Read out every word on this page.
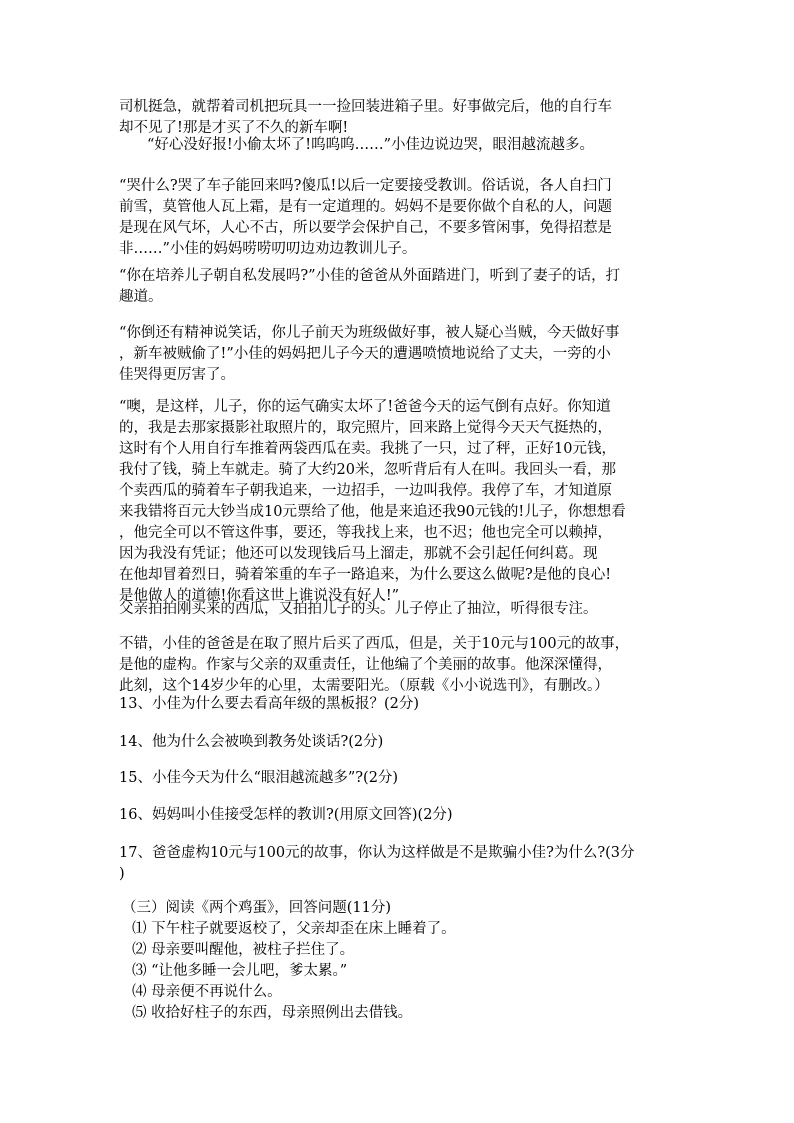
司机挺急，就帮着司机把玩具一一捡回装进箱子里。好事做完后，他的自行车
却不见了!那是才买了不久的新车啊!

“好心没好报!小偷太坏了!呜呜呜……”小佳边说边哭，眼泪越流越多。

“哭什么?哭了车子能回来吗?傻瓜!以后一定要接受教训。俗话说，各人自扫门
前雪，莫管他人瓦上霜，是有一定道理的。妈妈不是要你做个自私的人，问题
是现在风气坏，人心不古，所以要学会保护自己，不要多管闲事，免得招惹是
非……”小佳的妈妈唠唠叨叨边劝边教训儿子。

“你在培养儿子朝自私发展吗?”小佳的爸爸从外面踏进门，听到了妻子的话，打
趣道。

“你倒还有精神说笑话，你儿子前天为班级做好事，被人疑心当贼，今天做好事
，新车被贼偷了!”小佳的妈妈把儿子今天的遭遇喷愤地说给了丈夫，一旁的小
佳哭得更厉害了。

“噢，是这样，儿子，你的运气确实太坏了!爸爸今天的运气倒有点好。你知道
的，我是去那家摄影社取照片的，取完照片，回来路上觉得今天天气挺热的，
这时有个人用自行车推着两袋西瓜在卖。我挑了一只，过了秤，正好10元钱，
我付了钱，骑上车就走。骑了大约20米，忽听背后有人在叫。我回头一看，那
个卖西瓜的骑着车子朝我追来，一边招手，一边叫我停。我停了车，才知道原
来我错将百元大钞当成10元票给了他，他是来追还我90元钱的!儿子，你想想看
，他完全可以不管这件事，要还，等我找上来，也不迟；他也完全可以赖掉，
因为我没有凭证；他还可以发现钱后马上溜走，那就不会引起任何纠葛。现
在他却冒着烈日，骑着笨重的车子一路追来，为什么要这么做呢?是他的良心!
是他做人的道德!你看这世上谁说没有好人!”

父亲拍拍刚买来的西瓜，又拍拍儿子的头。儿子停止了抽泣，听得很专注。

不错，小佳的爸爸是在取了照片后买了西瓜，但是，关于10元与100元的故事，
是他的虚构。作家与父亲的双重责任，让他编了个美丽的故事。他深深懂得，
此刻，这个14岁少年的心里，太需要阳光。（原载《小小说选刊》，有删改。）

13、小佳为什么要去看高年级的黑板报？(2分)

14、他为什么会被唤到教务处谈话?(2分)

15、小佳今天为什么“眼泪越流越多”?(2分)

16、妈妈叫小佳接受怎样的教训?(用原文回答)(2分)

17、爸爸虚构10元与100元的故事，你认为这样做是不是欺骗小佳?为什么?(3分
)

（三）阅读《两个鸡蛋》，回答问题(11分)
⑴ 下午柱子就要返校了，父亲却歪在床上睡着了。
⑵ 母亲要叫醒他，被柱子拦住了。
⑶ “让他多睡一会儿吧，爹太累。”
⑷ 母亲便不再说什么。
⑸ 收拾好柱子的东西，母亲照例出去借钱。
